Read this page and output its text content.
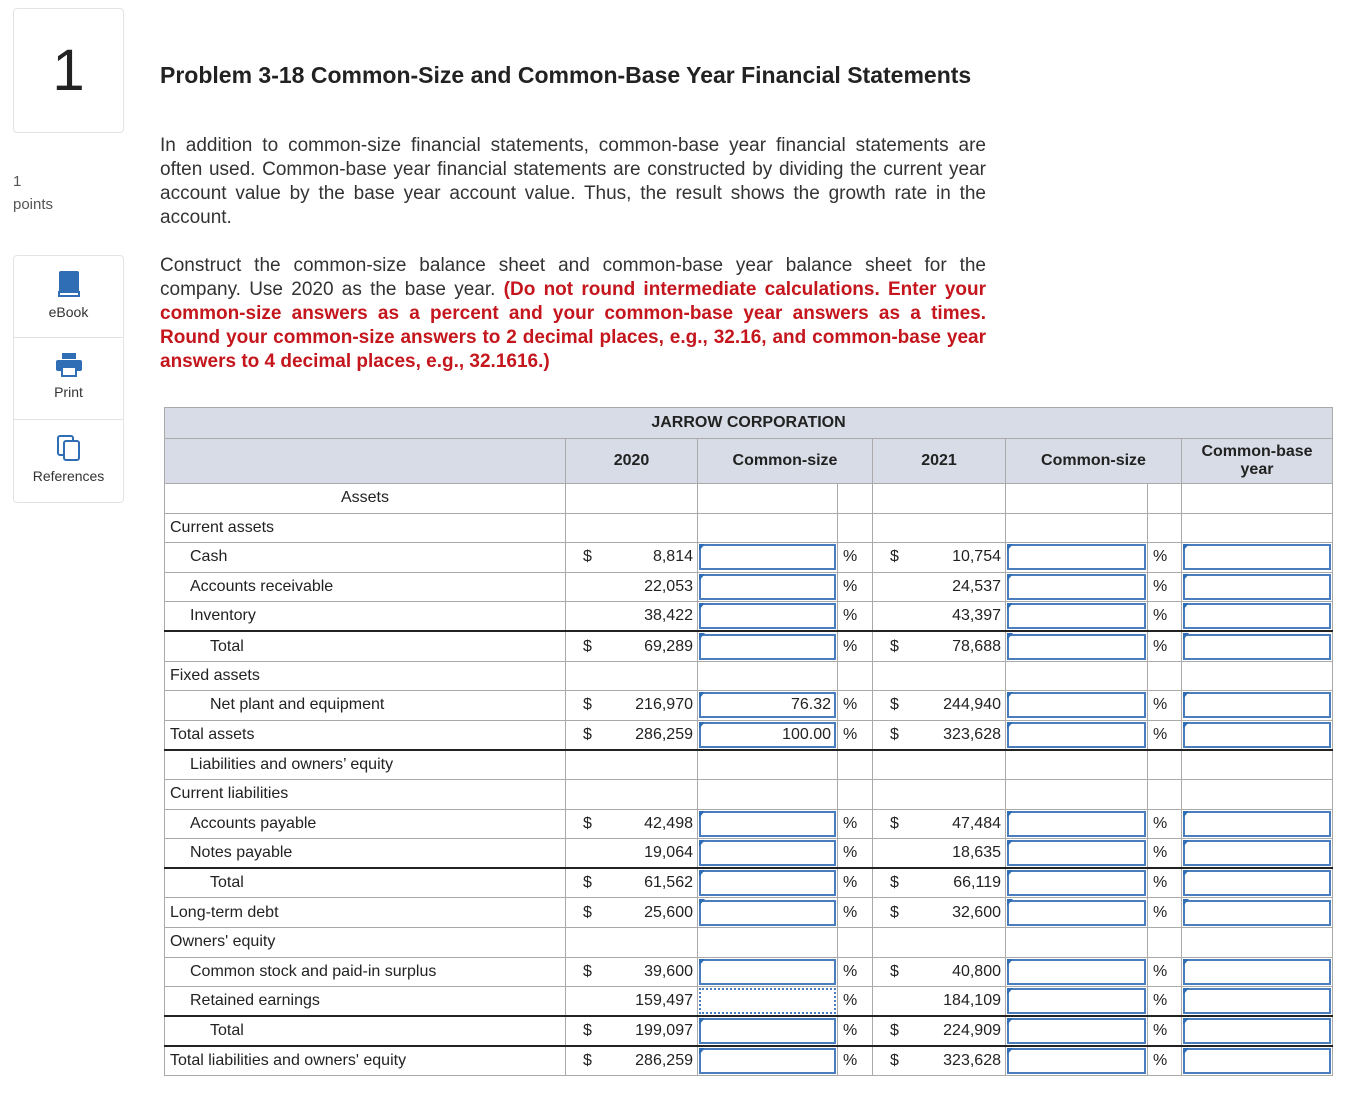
1
1
points
eBook
Print
References
Problem 3-18 Common-Size and Common-Base Year Financial Statements
In addition to common-size financial statements, common-base year financial statements are often used. Common-base year financial statements are constructed by dividing the current year account value by the base year account value. Thus, the result shows the growth rate in the account.
Construct the common-size balance sheet and common-base year balance sheet for the company. Use 2020 as the base year. (Do not round intermediate calculations. Enter your common-size answers as a percent and your common-base year answers as a times. Round your common-size answers to 2 decimal places, e.g., 32.16, and common-base year answers to 4 decimal places, e.g., 32.1616.)
JARROW CORPORATION									
	2020		Common-size		2021		Common-size		Common-base year
Assets									
Current assets									
Cash	$	8,814		%	$	10,754		%	

Accounts receivable		22,053		%		24,537		%	

Inventory		38,422		%		43,397		%	

Total	$	69,289		%	$	78,688		%	

Fixed assets									
Net plant and equipment	$	216,970	76.32	%	$	244,940		%	

Total assets	$	286,259	100.00	%	$	323,628		%	

Liabilities and owners’ equity									
Current liabilities									
Accounts payable	$	42,498		%	$	47,484		%	

Notes payable		19,064		%		18,635		%	

Total	$	61,562		%	$	66,119		%	

Long-term debt	$	25,600		%	$	32,600		%	

Owners' equity									
Common stock and paid-in surplus	$	39,600		%	$	40,800		%	

Retained earnings		159,497		%		184,109		%	

Total	$	199,097		%	$	224,909		%	

Total liabilities and owners' equity	$	286,259		%	$	323,628		%	
